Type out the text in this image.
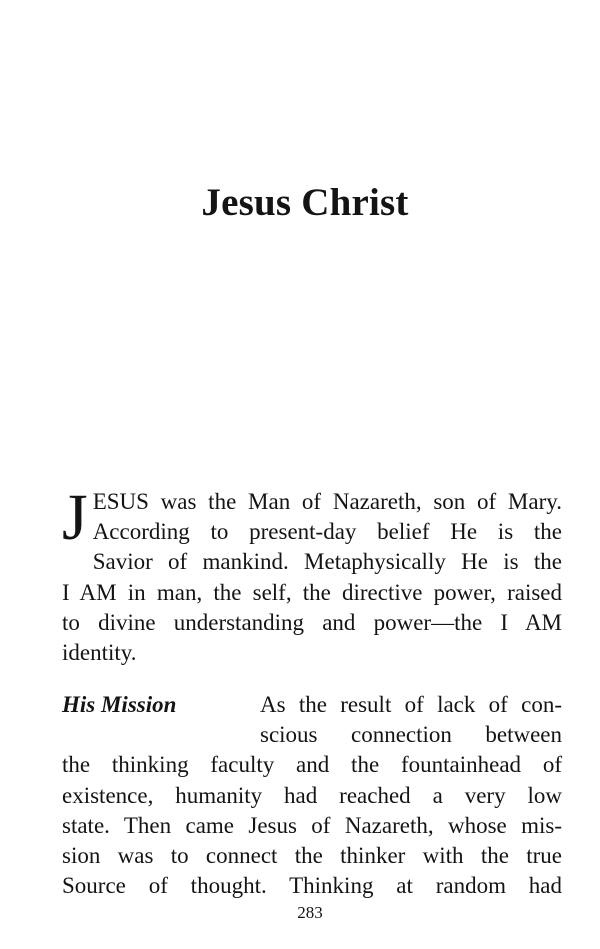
Jesus Christ
J ESUS was the Man of Nazareth, son of Mary.
According to present-day belief He is the
Savior of mankind. Metaphysically He is the
I AM in man, the self, the directive power, raised
to divine understanding and power—the I AM
identity.
His Mission	As the result of lack of con-
scious connection between
the thinking faculty and the fountainhead of
existence, humanity had reached a very low
state. Then came Jesus of Nazareth, whose mis-
sion was to connect the thinker with the true
Source of thought. Thinking at random had
283
